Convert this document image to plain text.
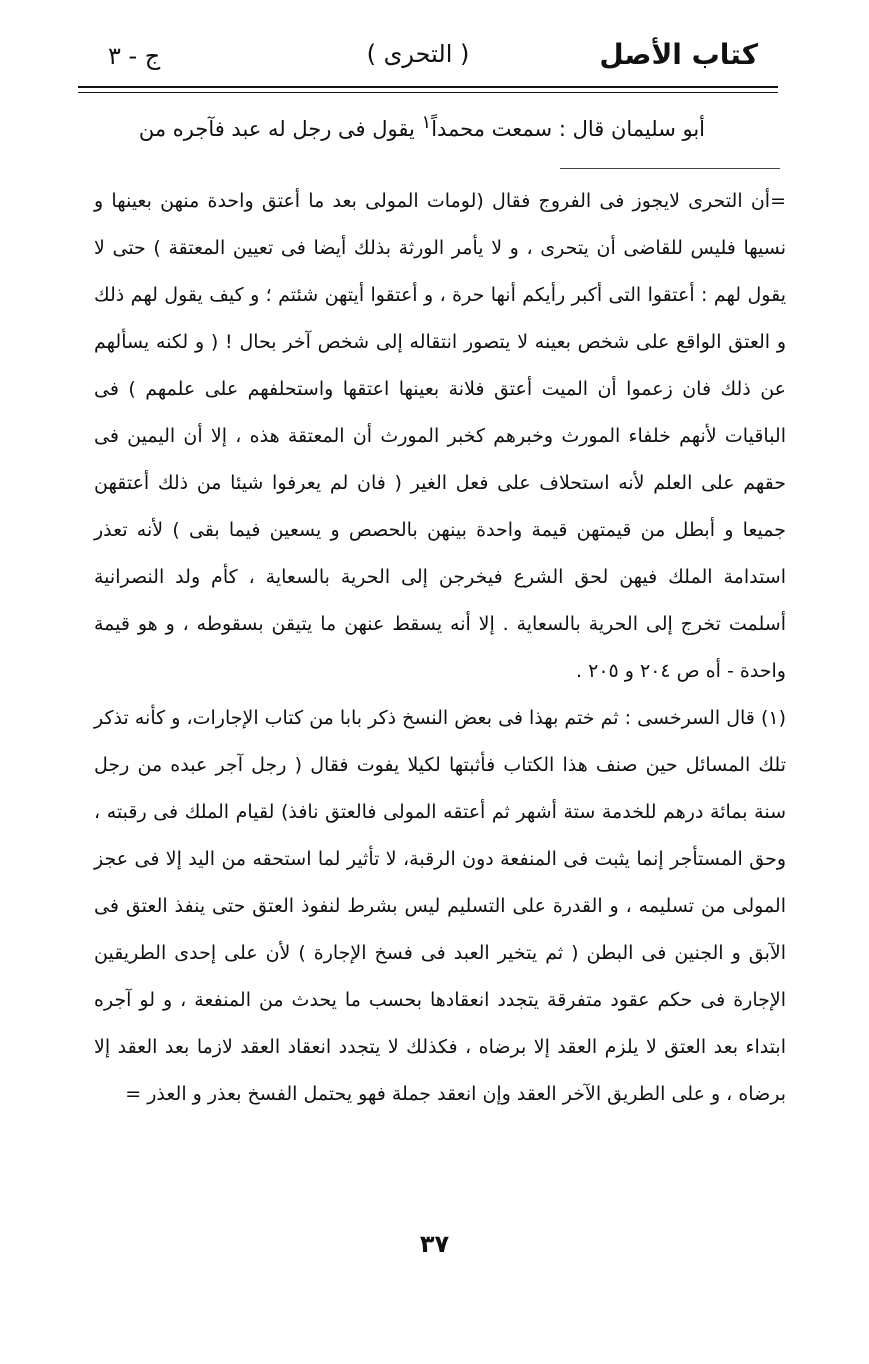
كتاب الأصل
( التحرى )
ج - ٣
أبو سليمان قال : سمعت محمداً١ يقول فى رجل له عبد فآجره من

=أن التحرى لايجوز فى الفروج فقال (لومات المولى بعد ما أعتق واحدة منهن بعينها و نسيها فليس للقاضى أن يتحرى ، و لا يأمر الورثة بذلك أيضا فى تعيين المعتقة ) حتى لا يقول لهم : أعتقوا التى أكبر رأيكم أنها حرة ، و أعتقوا أيتهن شئتم ؛ و كيف يقول لهم ذلك و العتق الواقع على شخص بعينه لا يتصور انتقاله إلى شخص آخر بحال ! ( و لكنه يسألهم عن ذلك فان زعموا أن الميت أعتق فلانة بعينها اعتقها واستحلفهم على علمهم ) فى الباقيات لأنهم خلفاء المورث وخبرهم كخبر المورث أن المعتقة هذه ، إلا أن اليمين فى حقهم على العلم لأنه استحلاف على فعل الغير ( فان لم يعرفوا شيئا من ذلك أعتقهن جميعا و أبطل من قيمتهن قيمة واحدة بينهن بالحصص و يسعين فيما بقى ) لأنه تعذر استدامة الملك فيهن لحق الشرع فيخرجن إلى الحرية بالسعاية ، كأم ولد النصرانية أسلمت تخرج إلى الحرية بالسعاية . إلا أنه يسقط عنهن ما يتيقن بسقوطه ، و هو قيمة واحدة - أه ص ٢٠٤ و ٢٠٥ .

(١) قال السرخسى : ثم ختم بهذا فى بعض النسخ ذكر بابا من كتاب الإجارات، و كأنه تذكر تلك المسائل حين صنف هذا الكتاب فأثبتها لكيلا يفوت فقال ( رجل آجر عبده من رجل سنة بمائة درهم للخدمة ستة أشهر ثم أعتقه المولى فالعتق نافذ) لقيام الملك فى رقبته ، وحق المستأجر إنما يثبت فى المنفعة دون الرقبة، لا تأثير لما استحقه من اليد إلا فى عجز المولى من تسليمه ، و القدرة على التسليم ليس بشرط لنفوذ العتق حتى ينفذ العتق فى الآبق و الجنين فى البطن ( ثم يتخير العبد فى فسخ الإجارة ) لأن على إحدى الطريقين الإجارة فى حكم عقود متفرقة يتجدد انعقادها بحسب ما يحدث من المنفعة ، و لو آجره ابتداء بعد العتق لا يلزم العقد إلا برضاه ، فكذلك لا يتجدد انعقاد العقد لازما بعد العقد إلا برضاه ، و على الطريق الآخر العقد وإن انعقد جملة فهو يحتمل الفسخ بعذر و العذر =

٣٧
